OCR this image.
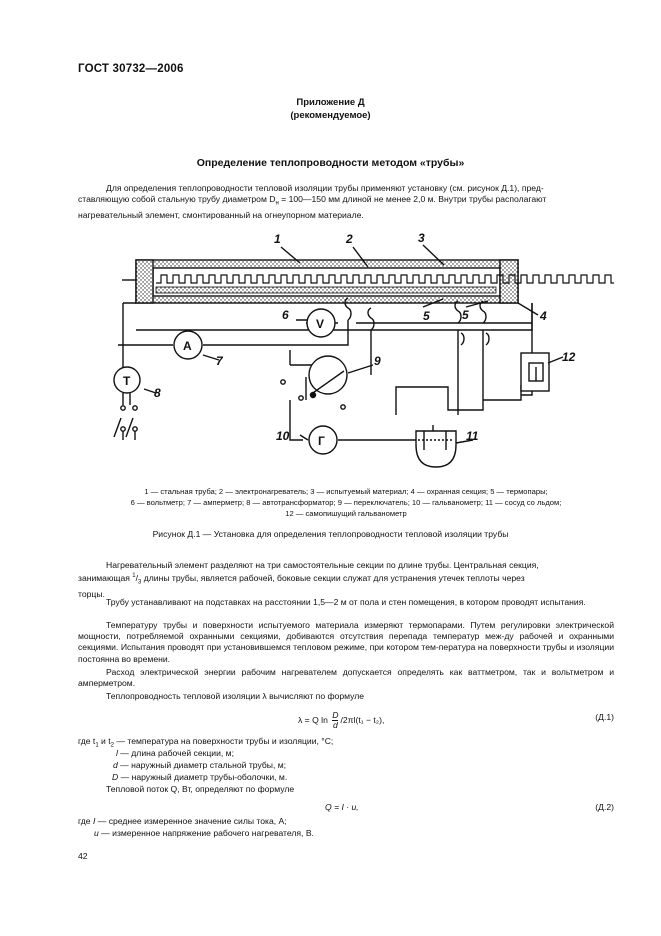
ГОСТ 30732—2006
Приложение Д
(рекомендуемое)
Определение теплопроводности методом «трубы»
Для определения теплопроводности тепловой изоляции трубы применяют установку (см. рисунок Д.1), пред-
ставляющую собой стальную трубу диаметром $D_н$ = 100—150 мм длиной не менее 2,0 м. Внутри трубы располагают
нагревательный элемент, смонтированный на огнеупорном материале.
1	2	3
4
5	5
6
V
A
7
T
8
9
10 Г	11
12
1 — стальная труба; 2 — электронагреватель; 3 — испытуемый материал; 4 — охранная секция; 5 — термопары;
6 — вольтметр; 7 — амперметр; 8 — автотрансформатор; 9 — переключатель; 10 — гальванометр; 11 — сосуд со льдом;
12 — самопишущий гальванометр
Рисунок Д.1 — Установка для определения теплопроводности тепловой изоляции трубы
Нагревательный элемент разделяют на три самостоятельные секции по длине трубы. Центральная секция,
занимающая $^1/_3$ длины трубы, является рабочей, боковые секции служат для устранения утечек теплоты через
торцы.
Трубу устанавливают на подставках на расстоянии 1,5—2 м от пола и стен помещения, в котором проводят испытания.
Температуру трубы и поверхности испытуемого материала измеряют термопарами. Путем регулировки электрической мощности, потребляемой охранными секциями, добиваются отсутствия перепада температур меж-ду рабочей и охранными секциями. Испытания проводят при установившемся тепловом режиме, при котором тем-пература на поверхности трубы и изоляции постоянна во времени.
Расход электрической энергии рабочим нагревателем допускается определять как ваттметром, так и вольтметром и амперметром.
Теплопроводность тепловой изоляции λ вычисляют по формуле
λ = Q $\ln \frac{D}{d} /2\pi l(t_1 - t_2)$,	(Д.1)
где $t_1$ и $t_2$ — температура на поверхности трубы и изоляции, °C;
l — длина рабочей секции, м;
d — наружный диаметр стальной трубы, м;
D — наружный диаметр трубы-оболочки, м.
Тепловой поток Q, Вт, определяют по формуле
Q = I · u,	(Д.2)
где I — среднее измеренное значение силы тока, А;
u — измеренное напряжение рабочего нагревателя, В.
42
